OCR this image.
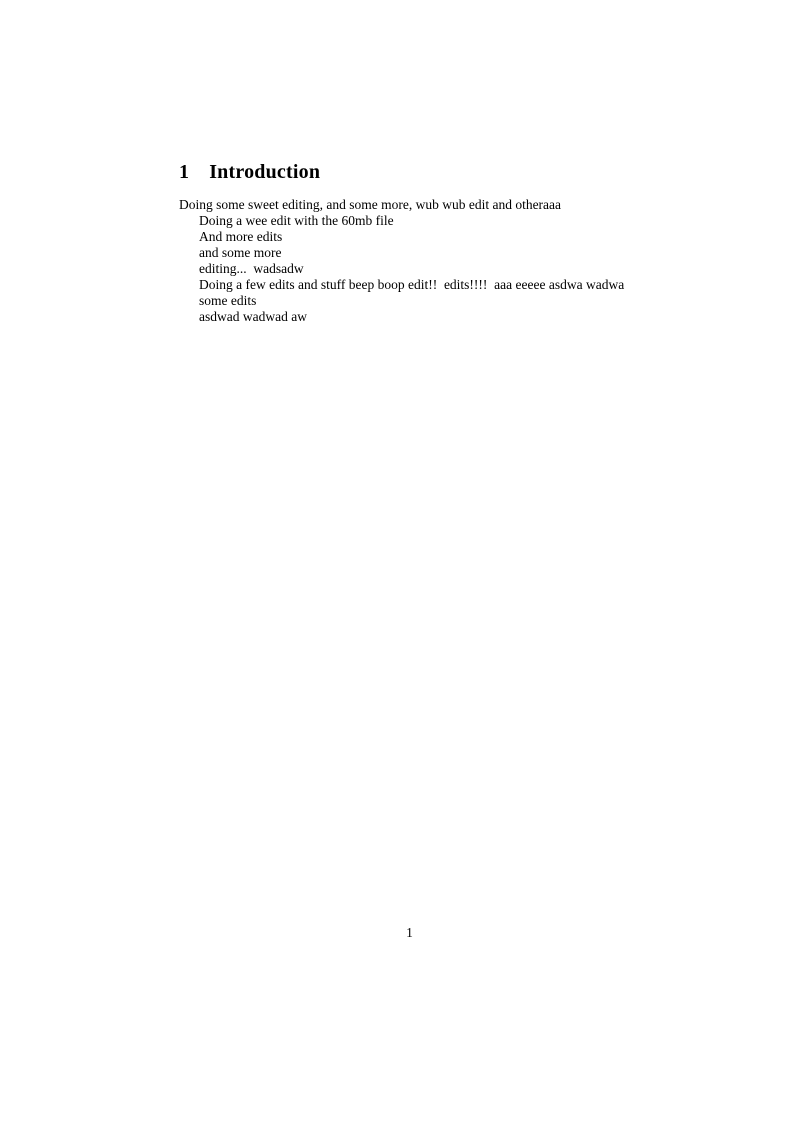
1 Introduction

Doing some sweet editing, and some more, wub wub edit and otheraaa

Doing a wee edit with the 60mb file

And more edits

and some more

editing...  wadsadw

Doing a few edits and stuff beep boop edit!!  edits!!!!  aaa eeeee asdwa wadwa

some edits

asdwad wadwad aw

1
